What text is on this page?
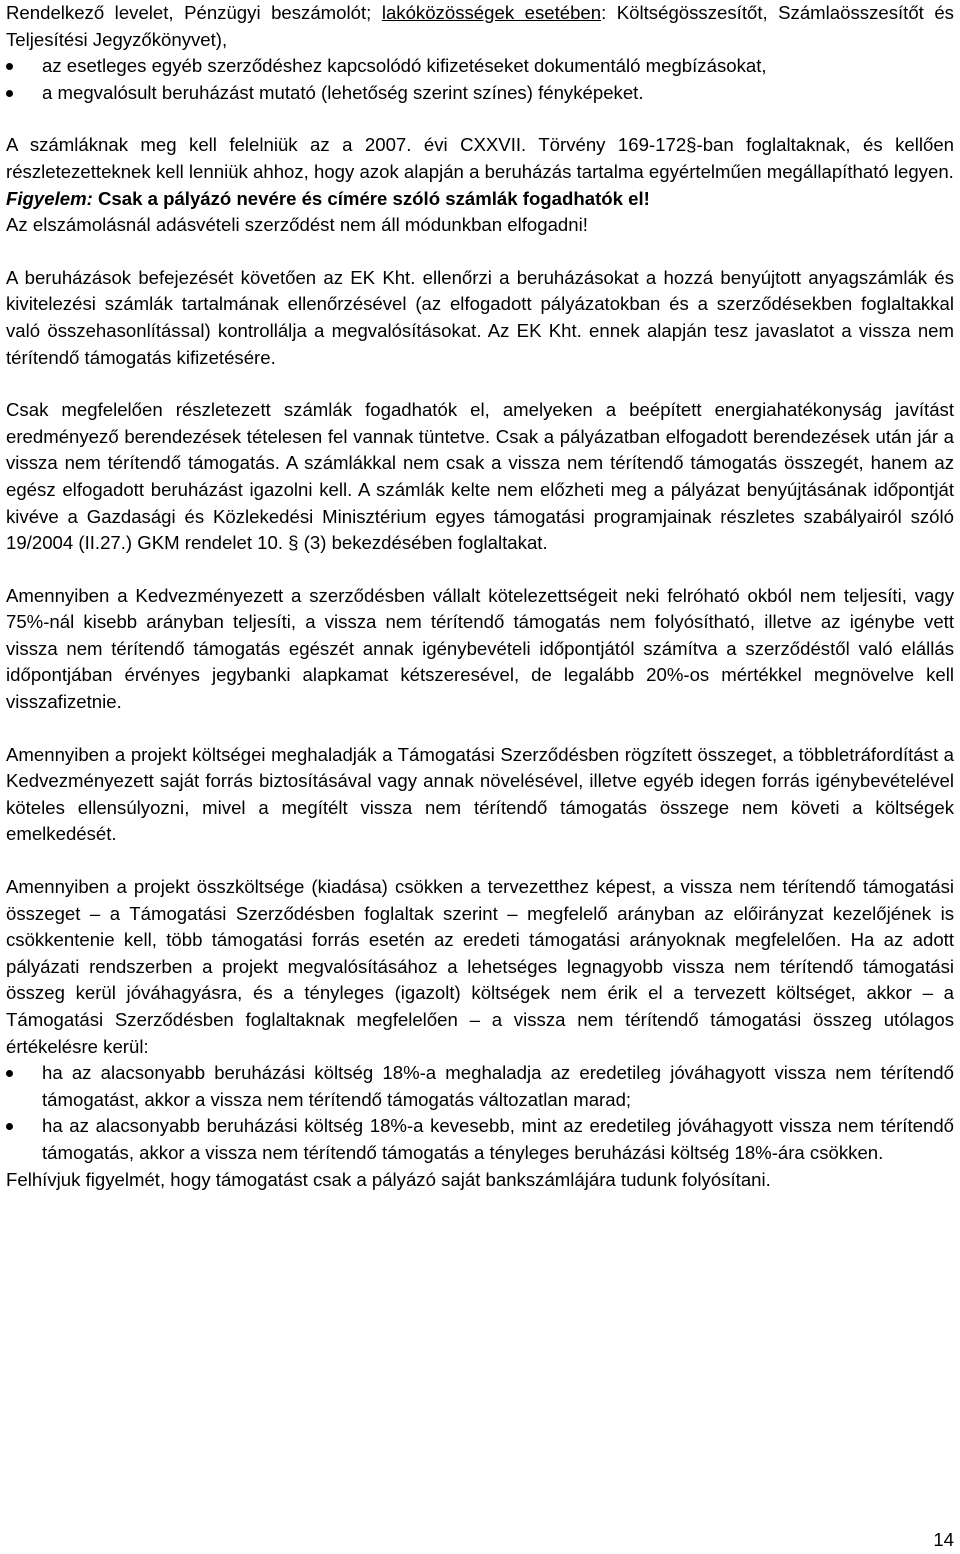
Rendelkező levelet, Pénzügyi beszámolót; lakóközösségek esetében: Költségösszesítőt, Számlaösszesítőt és Teljesítési Jegyzőkönyvet),

az esetleges egyéb szerződéshez kapcsolódó kifizetéseket dokumentáló megbízásokat,
a megvalósult beruházást mutató (lehetőség szerint színes) fényképeket.

A számláknak meg kell felelniük az a 2007. évi CXXVII. Törvény 169-172§-ban foglaltaknak, és kellően részletezetteknek kell lenniük ahhoz, hogy azok alapján a beruházás tartalma egyértelműen megállapítható legyen.

Figyelem: Csak a pályázó nevére és címére szóló számlák fogadhatók el!

Az elszámolásnál adásvételi szerződést nem áll módunkban elfogadni!

A beruházások befejezését követően az EK Kht. ellenőrzi a beruházásokat a hozzá benyújtott anyagszámlák és kivitelezési számlák tartalmának ellenőrzésével (az elfogadott pályázatokban és a szerződésekben foglaltakkal való összehasonlítással) kontrollálja a megvalósításokat. Az EK Kht. ennek alapján tesz javaslatot a vissza nem térítendő támogatás kifizetésére.

Csak megfelelően részletezett számlák fogadhatók el, amelyeken a beépített energiahatékonyság javítást eredményező berendezések tételesen fel vannak tüntetve. Csak a pályázatban elfogadott berendezések után jár a vissza nem térítendő támogatás. A számlákkal nem csak a vissza nem térítendő támogatás összegét, hanem az egész elfogadott beruházást igazolni kell. A számlák kelte nem előzheti meg a pályázat benyújtásának időpontját kivéve a Gazdasági és Közlekedési Minisztérium egyes támogatási programjainak részletes szabályairól szóló 19/2004 (II.27.) GKM rendelet 10. § (3) bekezdésében foglaltakat.

Amennyiben a Kedvezményezett a szerződésben vállalt kötelezettségeit neki felróható okból nem teljesíti, vagy 75%-nál kisebb arányban teljesíti, a vissza nem térítendő támogatás nem folyósítható, illetve az igénybe vett vissza nem térítendő támogatás egészét annak igénybevételi időpontjától számítva a szerződéstől való elállás időpontjában érvényes jegybanki alapkamat kétszeresével, de legalább 20%-os mértékkel megnövelve kell visszafizetnie.

Amennyiben a projekt költségei meghaladják a Támogatási Szerződésben rögzített összeget, a többletráfordítást a Kedvezményezett saját forrás biztosításával vagy annak növelésével, illetve egyéb idegen forrás igénybevételével köteles ellensúlyozni, mivel a megítélt vissza nem térítendő támogatás összege nem követi a költségek emelkedését.

Amennyiben a projekt összköltsége (kiadása) csökken a tervezetthez képest, a vissza nem térítendő támogatási összeget – a Támogatási Szerződésben foglaltak szerint – megfelelő arányban az előirányzat kezelőjének is csökkentenie kell, több támogatási forrás esetén az eredeti támogatási arányoknak megfelelően. Ha az adott pályázati rendszerben a projekt megvalósításához a lehetséges legnagyobb vissza nem térítendő támogatási összeg kerül jóváhagyásra, és a tényleges (igazolt) költségek nem érik el a tervezett költséget, akkor – a Támogatási Szerződésben foglaltaknak megfelelően – a vissza nem térítendő támogatási összeg utólagos értékelésre kerül:

ha az alacsonyabb beruházási költség 18%-a meghaladja az eredetileg jóváhagyott vissza nem térítendő támogatást, akkor a vissza nem térítendő támogatás változatlan marad;
ha az alacsonyabb beruházási költség 18%-a kevesebb, mint az eredetileg jóváhagyott vissza nem térítendő támogatás, akkor a vissza nem térítendő támogatás a tényleges beruházási költség 18%-ára csökken.

Felhívjuk figyelmét, hogy támogatást csak a pályázó saját bankszámlájára tudunk folyósítani.

14
